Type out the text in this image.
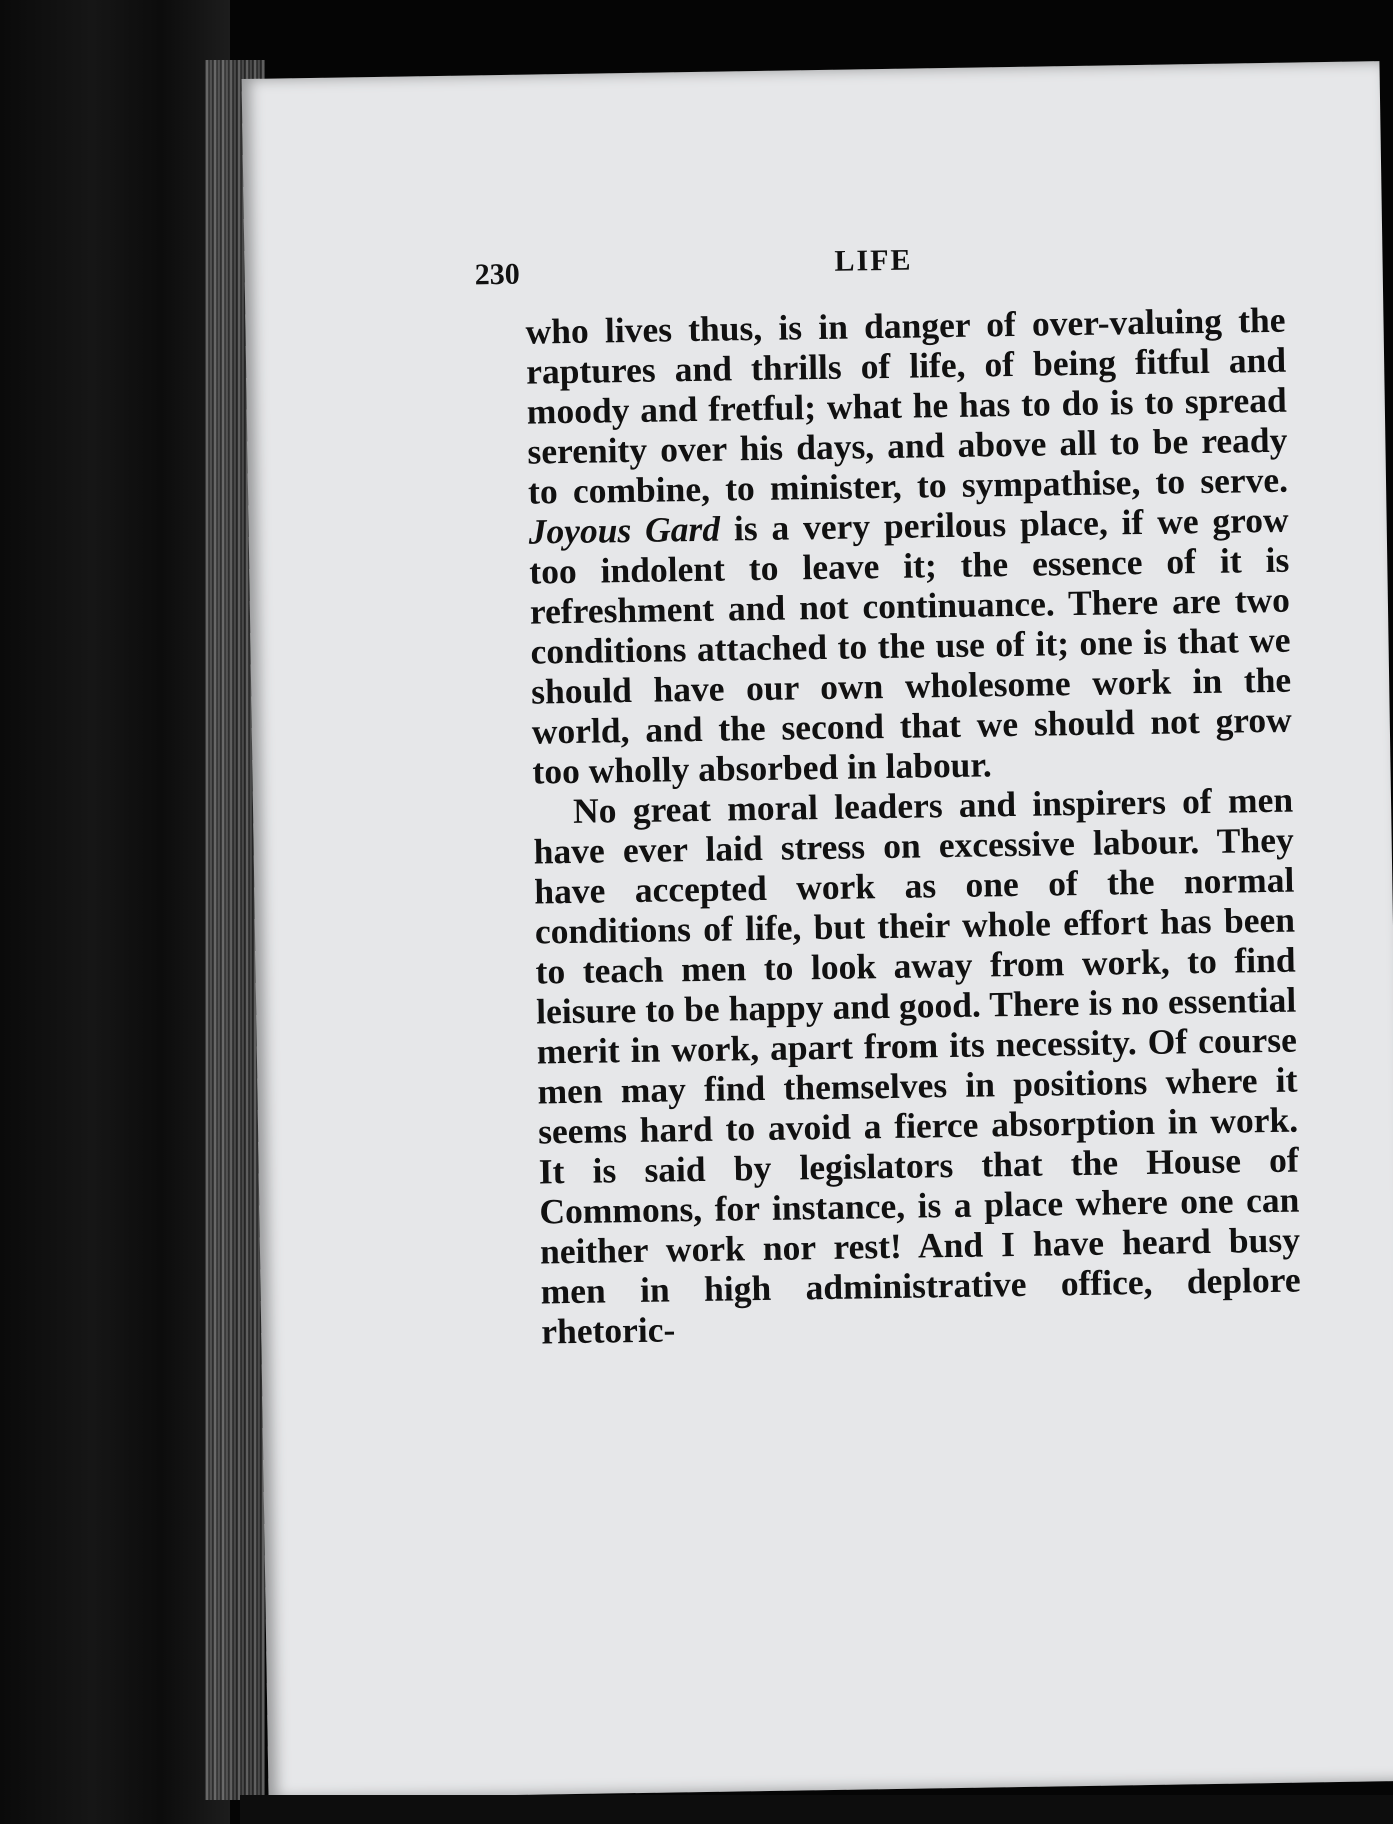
230	LIFE

who lives thus, is in danger of over-valuing the raptures and thrills of life, of being fitful and moody and fretful; what he has to do is to spread serenity over his days, and above all to be ready to combine, to minister, to sympathise, to serve. Joyous Gard is a very perilous place, if we grow too indolent to leave it; the essence of it is refreshment and not continuance. There are two conditions attached to the use of it; one is that we should have our own wholesome work in the world, and the second that we should not grow too wholly absorbed in labour.

No great moral leaders and inspirers of men have ever laid stress on excessive labour. They have accepted work as one of the normal conditions of life, but their whole effort has been to teach men to look away from work, to find leisure to be happy and good. There is no essential merit in work, apart from its necessity. Of course men may find themselves in positions where it seems hard to avoid a fierce absorption in work. It is said by legislators that the House of Commons, for instance, is a place where one can neither work nor rest! And I have heard busy men in high administrative office, deplore rhetoric-
